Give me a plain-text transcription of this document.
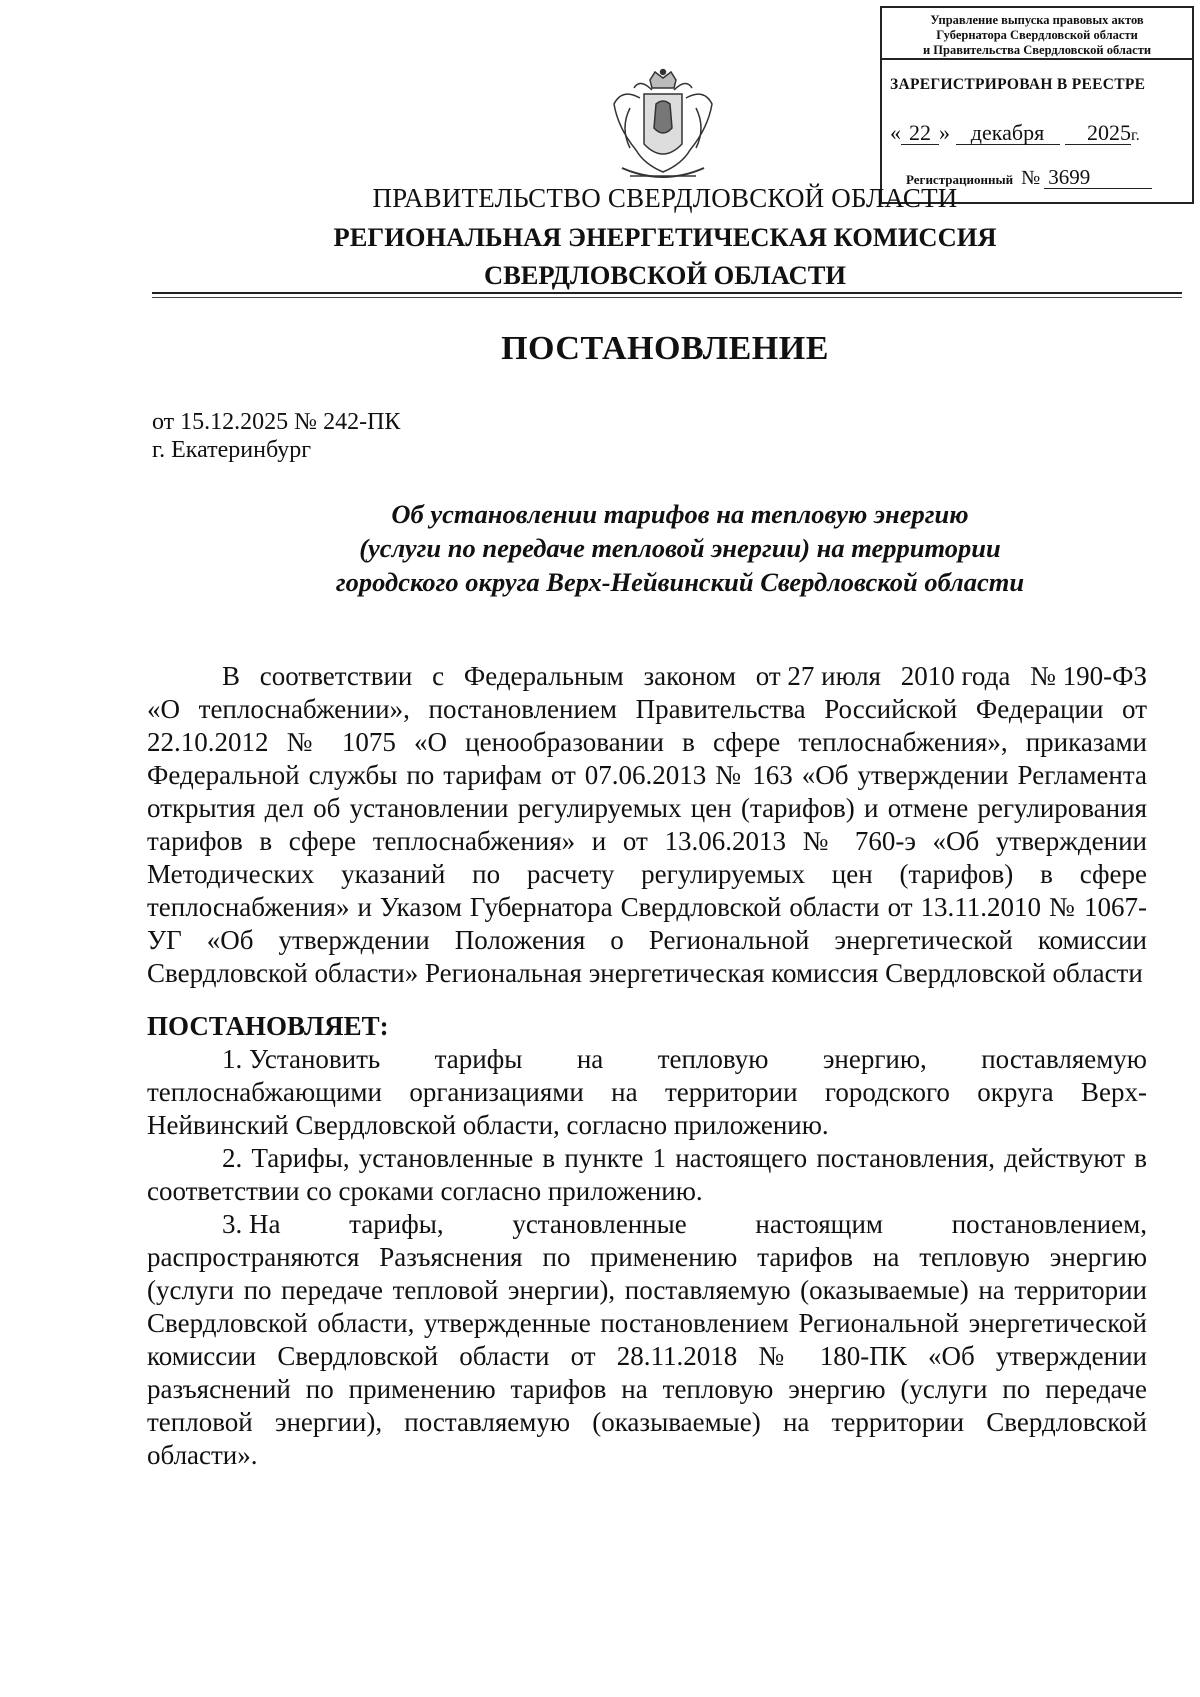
Управление выпуска правовых актов
Губернатора Свердловской области
и Правительства Свердловской области
ЗАРЕГИСТРИРОВАН В РЕЕСТРЕ
« 22 » декабря 2025г.
Регистрационный № 3699
ПРАВИТЕЛЬСТВО СВЕРДЛОВСКОЙ ОБЛАСТИ
РЕГИОНАЛЬНАЯ ЭНЕРГЕТИЧЕСКАЯ КОМИССИЯ
СВЕРДЛОВСКОЙ ОБЛАСТИ
ПОСТАНОВЛЕНИЕ
от 15.12.2025 № 242-ПК
г. Екатеринбург
Об установлении тарифов на тепловую энергию
(услуги по передаче тепловой энергии) на территории
городского округа Верх-Нейвинский Свердловской области
В соответствии с Федеральным законом от 27 июля 2010 года № 190-ФЗ
«О теплоснабжении», постановлением Правительства Российской Федерации от 22.10.2012 № 1075 «О ценообразовании в сфере теплоснабжения», приказами Федеральной службы по тарифам от 07.06.2013 № 163 «Об утверждении Регламента открытия дел об установлении регулируемых цен (тарифов) и отмене регулирования тарифов в сфере теплоснабжения» и от 13.06.2013 № 760-э «Об утверждении Методических указаний по расчету регулируемых цен (тарифов) в сфере теплоснабжения» и Указом Губернатора Свердловской области от 13.11.2010 № 1067-УГ «Об утверждении Положения о Региональной энергетической комиссии Свердловской области» Региональная энергетическая комиссия Свердловской области
ПОСТАНОВЛЯЕТ:
1. Установить тарифы на тепловую энергию, поставляемую
теплоснабжающими организациями на территории городского округа Верх-Нейвинский Свердловской области, согласно приложению.
2. Тарифы, установленные в пункте 1 настоящего постановления, действуют в соответствии со сроками согласно приложению.
3. На	тарифы,	установленные	настоящим	постановлением,
распространяются Разъяснения по применению тарифов на тепловую энергию (услуги по передаче тепловой энергии), поставляемую (оказываемые) на территории Свердловской области, утвержденные постановлением Региональной энергетической комиссии Свердловской области от 28.11.2018 № 180-ПК «Об утверждении разъяснений по применению тарифов на тепловую энергию (услуги по передаче тепловой энергии), поставляемую (оказываемые) на территории Свердловской области».
